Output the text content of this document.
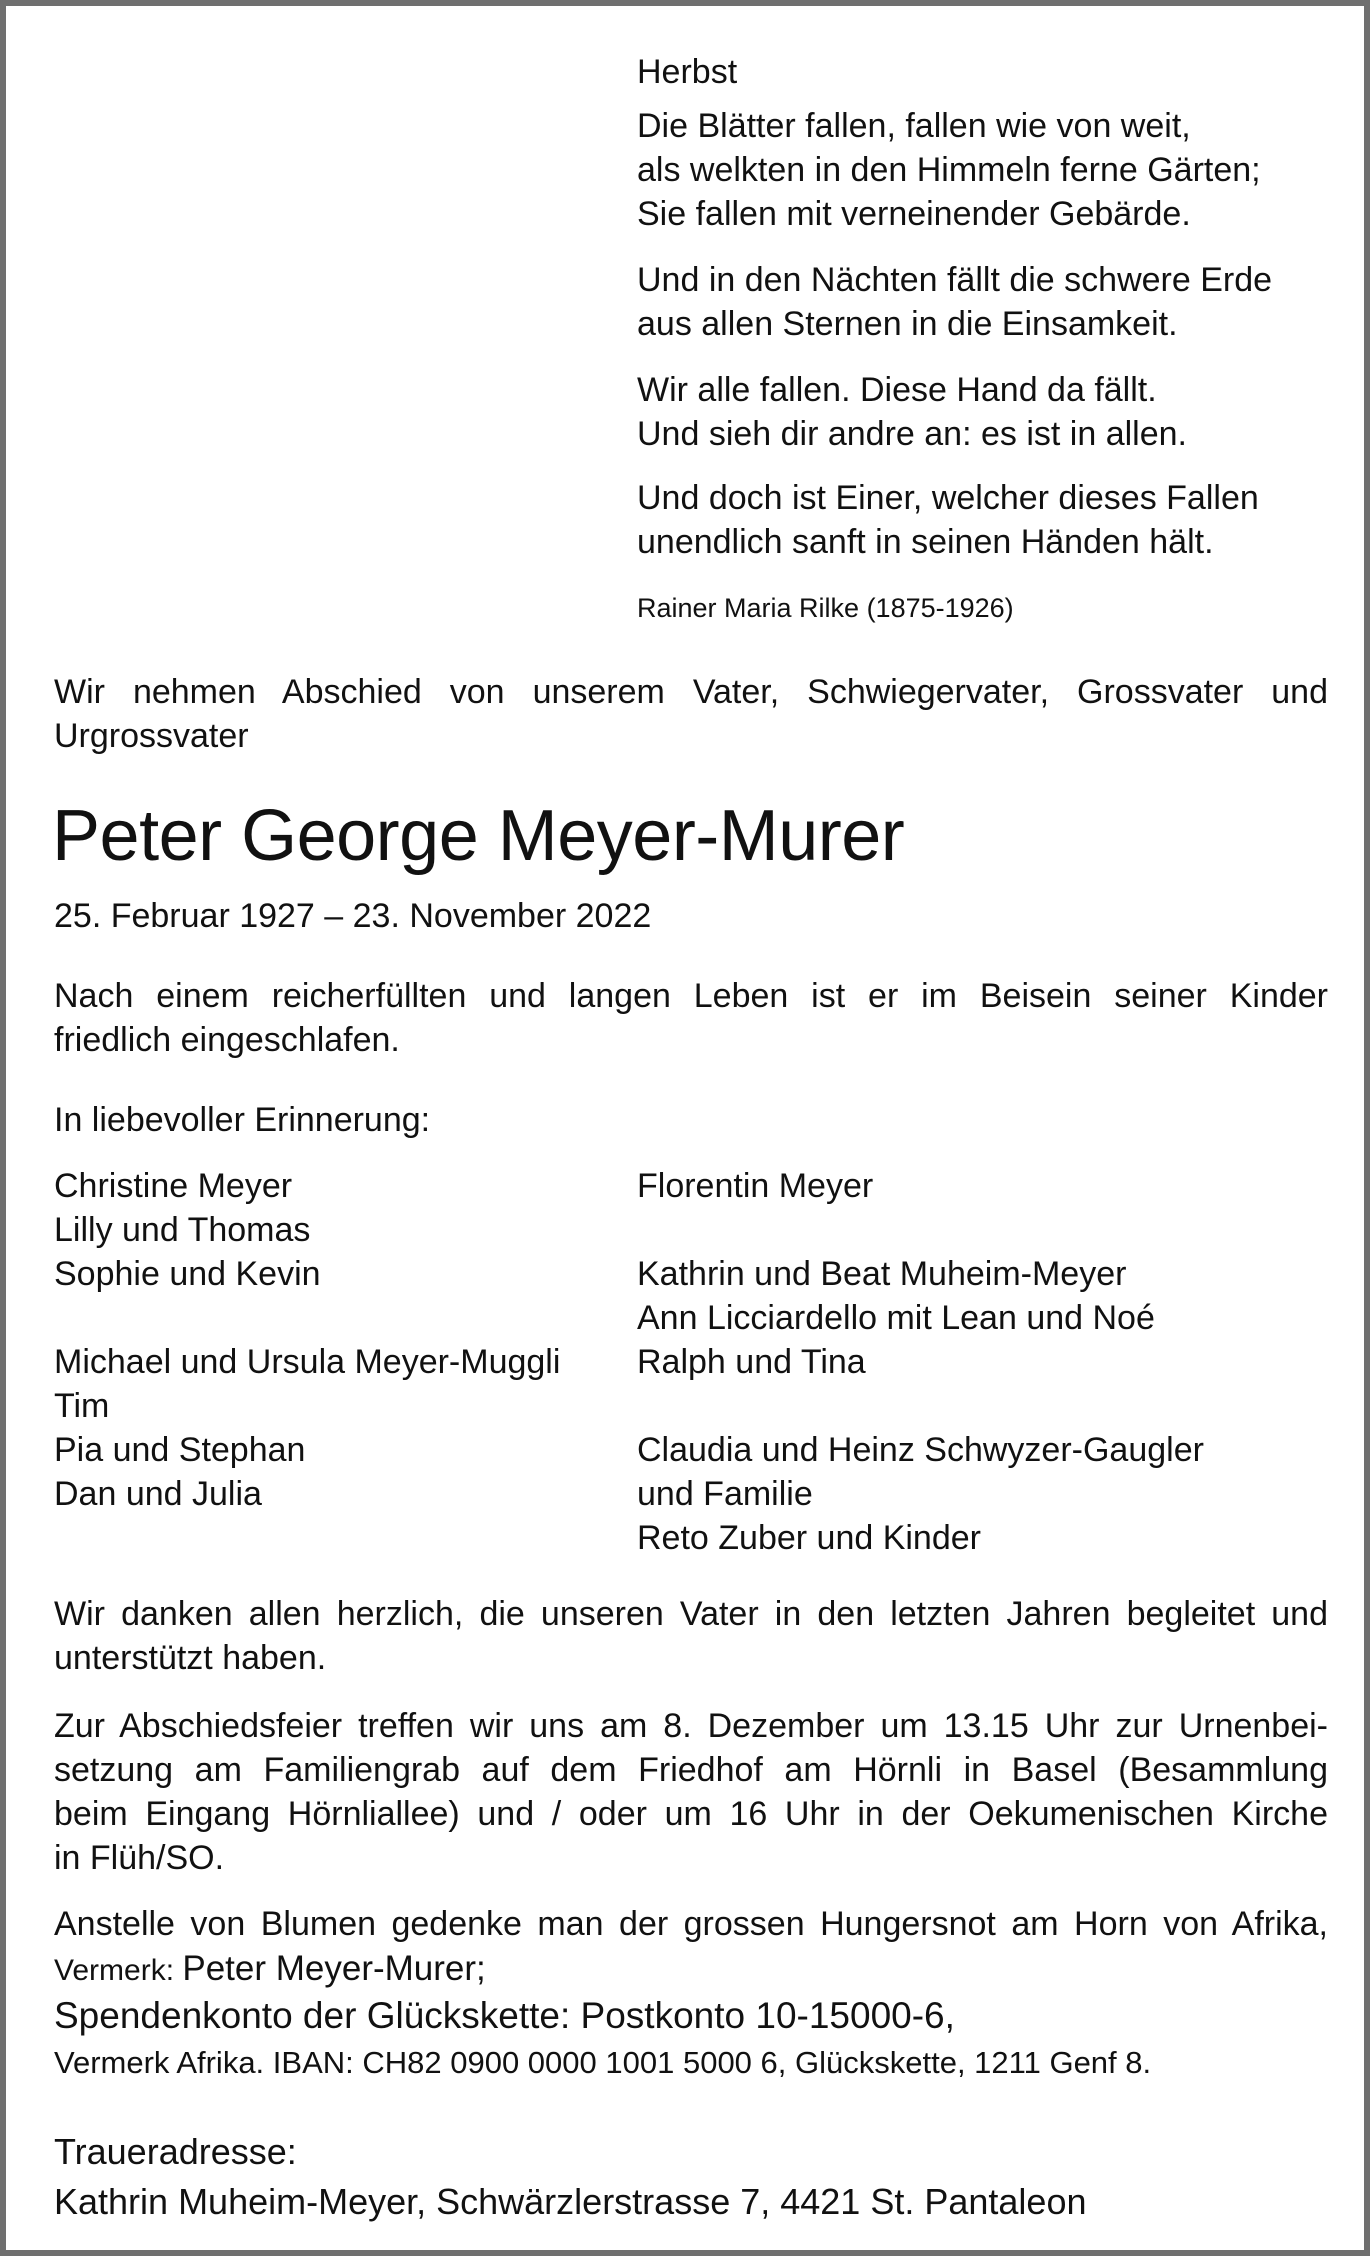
Herbst
Die Blätter fallen, fallen wie von weit,
als welkten in den Himmeln ferne Gärten;
Sie fallen mit verneinender Gebärde.
Und in den Nächten fällt die schwere Erde
aus allen Sternen in die Einsamkeit.
Wir alle fallen. Diese Hand da fällt.
Und sieh dir andre an: es ist in allen.
Und doch ist Einer, welcher dieses Fallen
unendlich sanft in seinen Händen hält.
Rainer Maria Rilke (1875-1926)
Wir nehmen Abschied von unserem Vater, Schwiegervater, Grossvater und
Urgrossvater
Peter George Meyer-Murer
25. Februar 1927 – 23. November 2022
Nach einem reicherfüllten und langen Leben ist er im Beisein seiner Kinder
friedlich eingeschlafen.
In liebevoller Erinnerung:
Christine Meyer
Lilly und Thomas
Sophie und Kevin

Michael und Ursula Meyer-Muggli
Tim
Pia und Stephan
Dan und Julia
Florentin Meyer

Kathrin und Beat Muheim-Meyer
Ann Licciardello mit Lean und Noé
Ralph und Tina

Claudia und Heinz Schwyzer-Gaugler
und Familie
Reto Zuber und Kinder
Wir danken allen herzlich, die unseren Vater in den letzten Jahren begleitet und
unterstützt haben.
Zur Abschiedsfeier treffen wir uns am 8. Dezember um 13.15 Uhr zur Urnenbei-
setzung am Familiengrab auf dem Friedhof am Hörnli in Basel (Besammlung
beim Eingang Hörnliallee) und / oder um 16 Uhr in der Oekumenischen Kirche
in Flüh/SO.
Anstelle von Blumen gedenke man der grossen Hungersnot am Horn von Afrika,
Vermerk: Peter Meyer-Murer;
Spendenkonto der Glückskette: Postkonto 10-15000-6,
Vermerk Afrika. IBAN: CH82 0900 0000 1001 5000 6, Glückskette, 1211 Genf 8.
Traueradresse:
Kathrin Muheim-Meyer, Schwärzlerstrasse 7, 4421 St. Pantaleon
